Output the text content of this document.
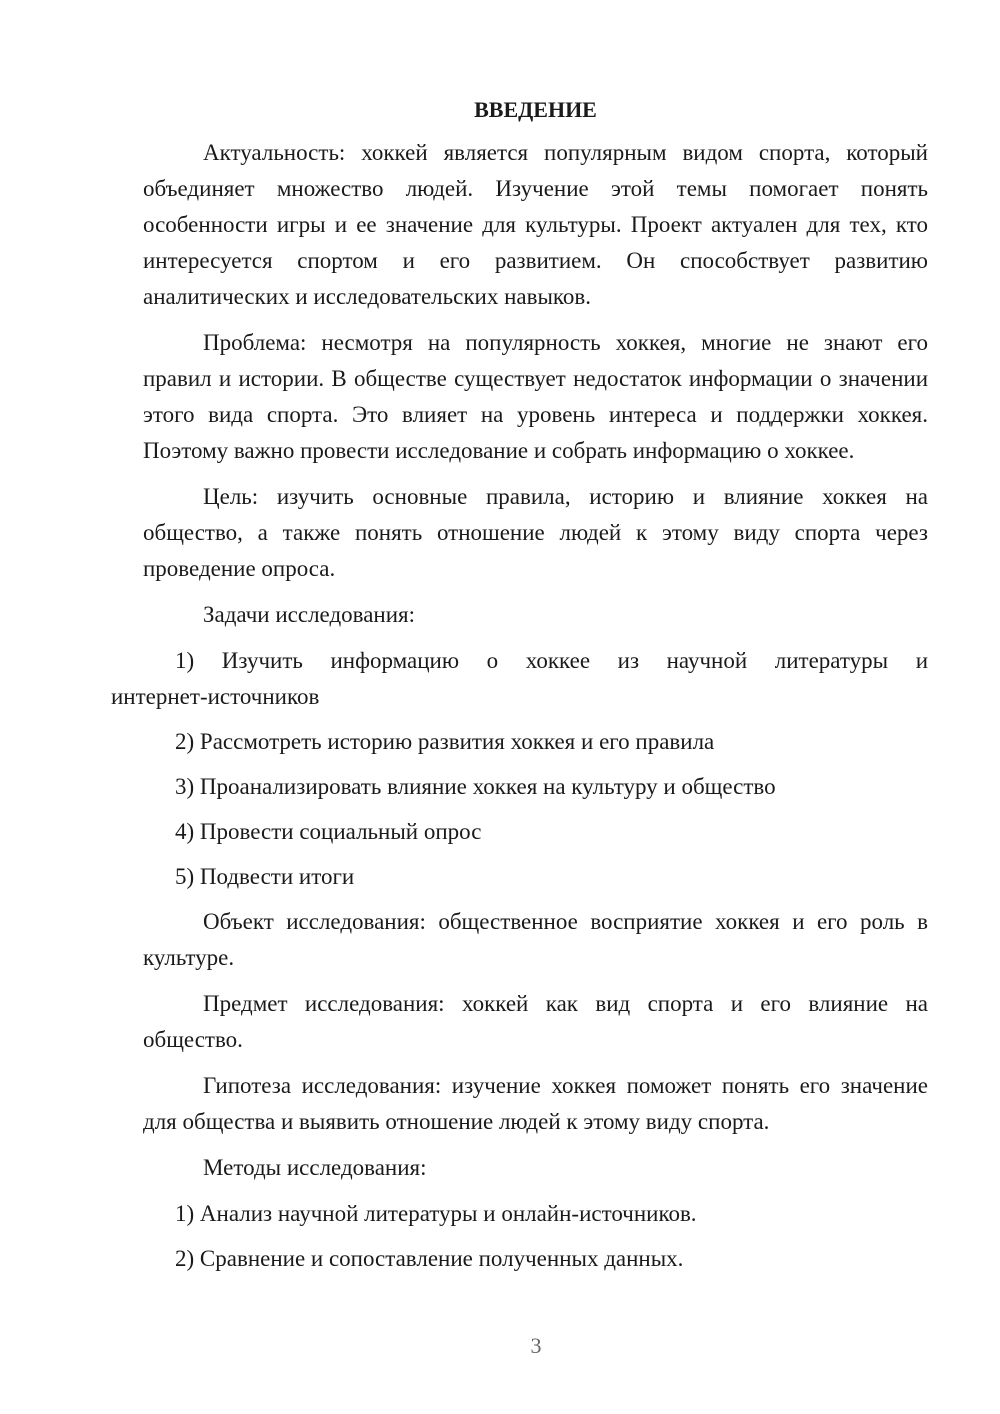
ВВЕДЕНИЕ
Актуальность: хоккей является популярным видом спорта, который объединяет множество людей. Изучение этой темы помогает понять особенности игры и ее значение для культуры. Проект актуален для тех, кто интересуется спортом и его развитием. Он способствует развитию аналитических и исследовательских навыков.
Проблема: несмотря на популярность хоккея, многие не знают его правил и истории. В обществе существует недостаток информации о значении этого вида спорта. Это влияет на уровень интереса и поддержки хоккея. Поэтому важно провести исследование и собрать информацию о хоккее.
Цель: изучить основные правила, историю и влияние хоккея на общество, а также понять отношение людей к этому виду спорта через проведение опроса.
Задачи исследования:
1) Изучить информацию о хоккее из научной литературы и
интернет-источников
2) Рассмотреть историю развития хоккея и его правила
3) Проанализировать влияние хоккея на культуру и общество
4) Провести социальный опрос
5) Подвести итоги
Объект исследования: общественное восприятие хоккея и его роль в культуре.
Предмет исследования: хоккей как вид спорта и его влияние на общество.
Гипотеза исследования: изучение хоккея поможет понять его значение для общества и выявить отношение людей к этому виду спорта.
Методы исследования:
1) Анализ научной литературы и онлайн-источников.
2) Сравнение и сопоставление полученных данных.
3
